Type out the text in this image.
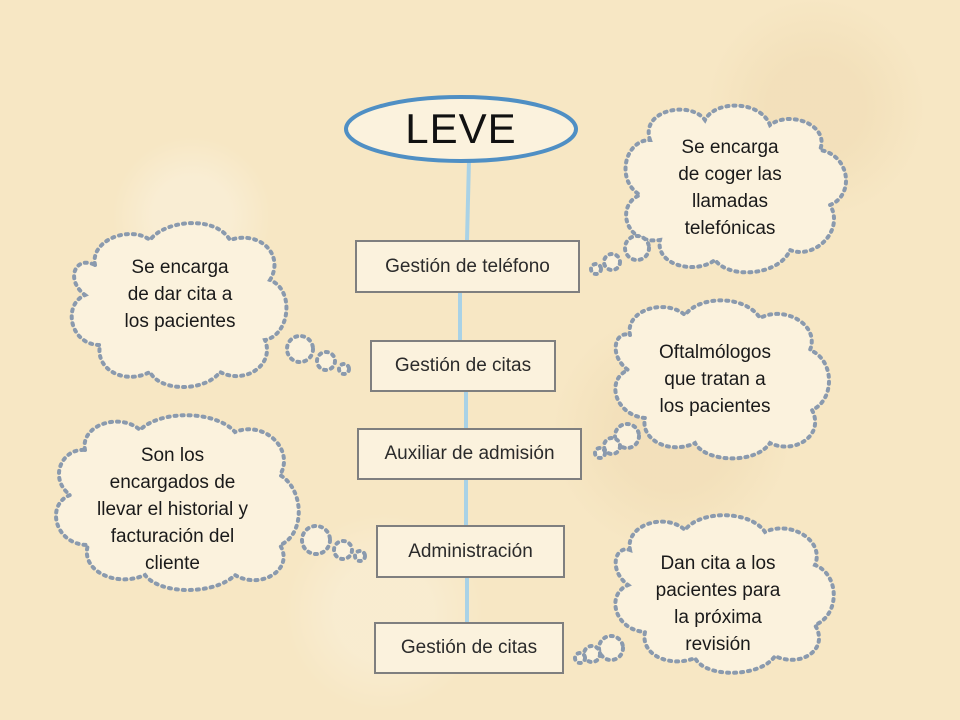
LEVE
Gestión de teléfono
Gestión de citas
Auxiliar de admisión
Administración
Gestión de citas
Se encarga
de coger las
llamadas
telefónicas
Se encarga
de dar cita a
los pacientes
Oftalmólogos
que tratan a
los pacientes
Son los
encargados de
llevar el historial y
facturación del
cliente	Dan cita a los
pacientes para
la próxima
revisión
